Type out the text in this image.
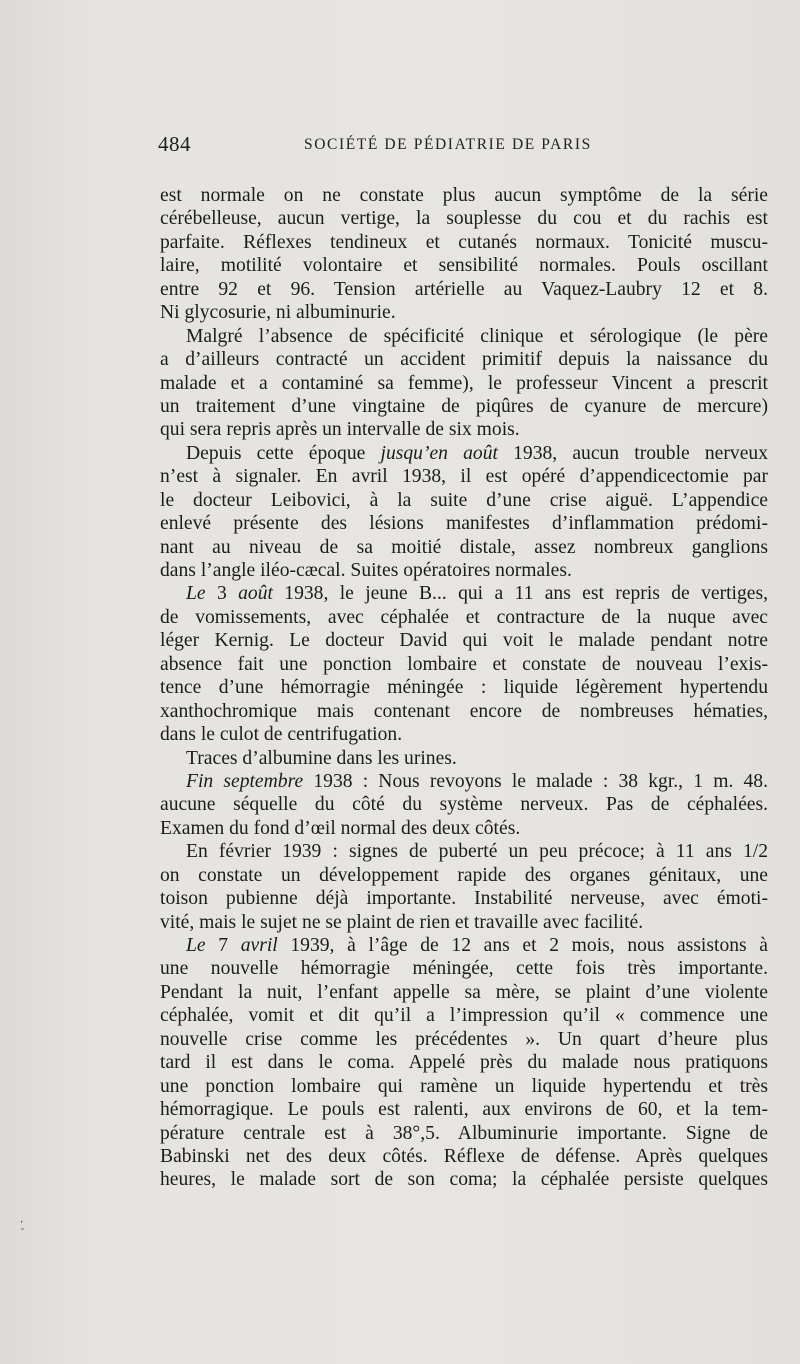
484	SOCIÉTÉ DE PÉDIATRIE DE PARIS
est normale on ne constate plus aucun symptôme de la série
cérébelleuse, aucun vertige, la souplesse du cou et du rachis est
parfaite. Réflexes tendineux et cutanés normaux. Tonicité muscu-
laire, motilité volontaire et sensibilité normales. Pouls oscillant
entre 92 et 96. Tension artérielle au Vaquez-Laubry 12 et 8.
Ni glycosurie, ni albuminurie.
Malgré l’absence de spécificité clinique et sérologique (le père
a d’ailleurs contracté un accident primitif depuis la naissance du
malade et a contaminé sa femme), le professeur Vincent a prescrit
un traitement d’une vingtaine de piqûres de cyanure de mercure)
qui sera repris après un intervalle de six mois.
Depuis cette époque jusqu’en août 1938, aucun trouble nerveux
n’est à signaler. En avril 1938, il est opéré d’appendicectomie par
le docteur Leibovici, à la suite d’une crise aiguë. L’appendice
enlevé présente des lésions manifestes d’inflammation prédomi-
nant au niveau de sa moitié distale, assez nombreux ganglions
dans l’angle iléo-cæcal. Suites opératoires normales.
Le 3 août 1938, le jeune B... qui a 11 ans est repris de vertiges,
de vomissements, avec céphalée et contracture de la nuque avec
léger Kernig. Le docteur David qui voit le malade pendant notre
absence fait une ponction lombaire et constate de nouveau l’exis-
tence d’une hémorragie méningée : liquide légèrement hypertendu
xanthochromique mais contenant encore de nombreuses hématies,
dans le culot de centrifugation.
Traces d’albumine dans les urines.
Fin septembre 1938 : Nous revoyons le malade : 38 kgr., 1 m. 48.
aucune séquelle du côté du système nerveux. Pas de céphalées.
Examen du fond d’œil normal des deux côtés.
En février 1939 : signes de puberté un peu précoce; à 11 ans 1/2
on constate un développement rapide des organes génitaux, une
toison pubienne déjà importante. Instabilité nerveuse, avec émoti-
vité, mais le sujet ne se plaint de rien et travaille avec facilité.
Le 7 avril 1939, à l’âge de 12 ans et 2 mois, nous assistons à
une nouvelle hémorragie méningée, cette fois très importante.
Pendant la nuit, l’enfant appelle sa mère, se plaint d’une violente
céphalée, vomit et dit qu’il a l’impression qu’il « commence une
nouvelle crise comme les précédentes ». Un quart d’heure plus
tard il est dans le coma. Appelé près du malade nous pratiquons
une ponction lombaire qui ramène un liquide hypertendu et très
hémorragique. Le pouls est ralenti, aux environs de 60, et la tem-
pérature centrale est à 38°,5. Albuminurie importante. Signe de
Babinski net des deux côtés. Réflexe de défense. Après quelques
heures, le malade sort de son coma; la céphalée persiste quelques
ʼ
ˇ
